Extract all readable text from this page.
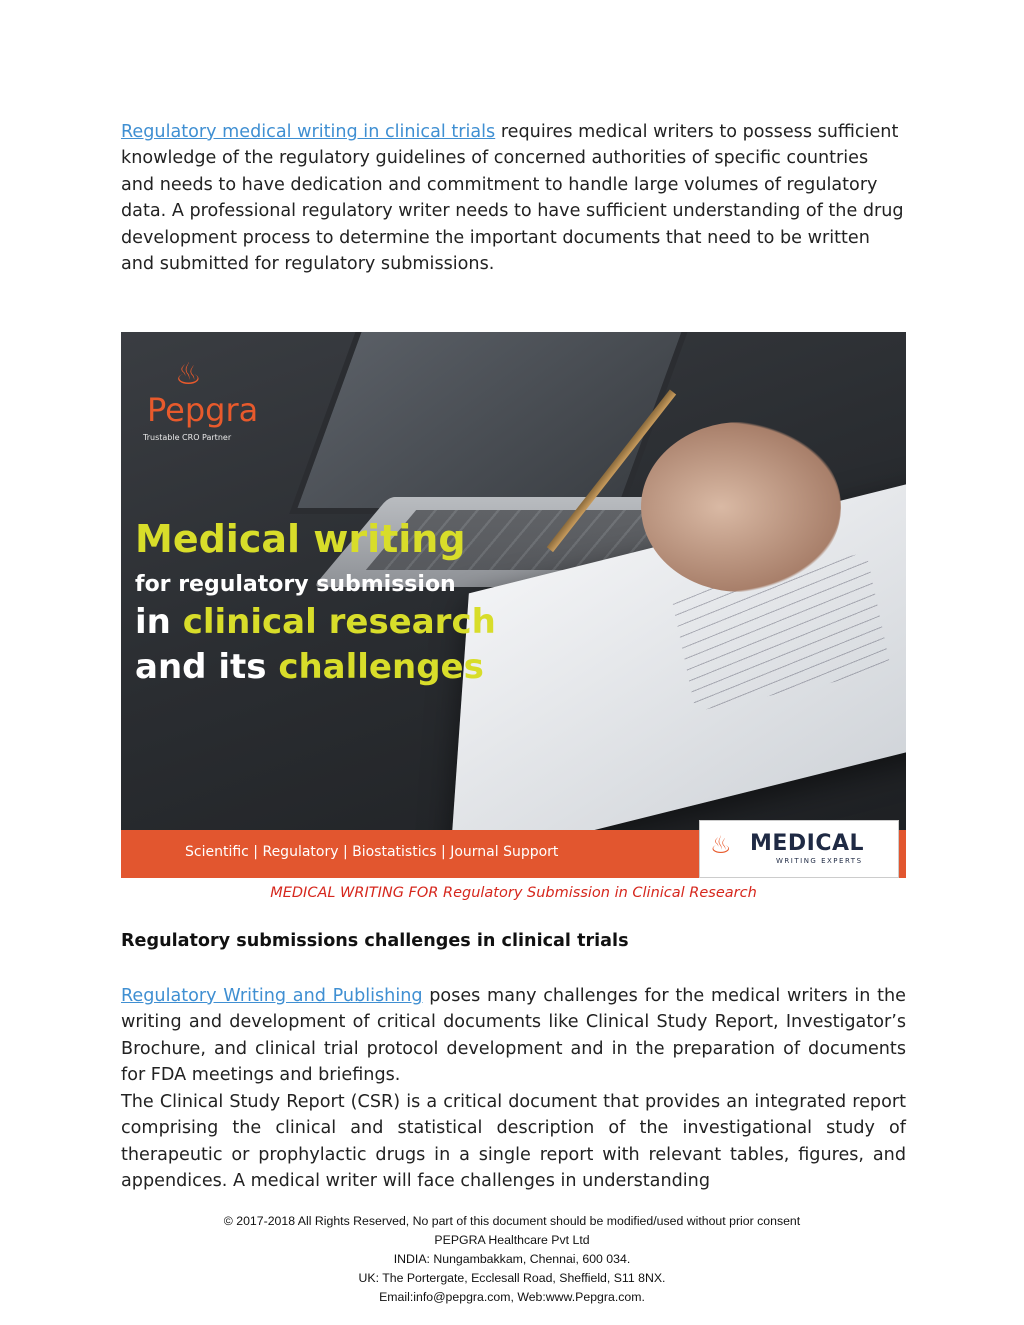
Regulatory medical writing in clinical trials requires medical writers to possess sufficient knowledge of the regulatory guidelines of concerned authorities of specific countries and needs to have dedication and commitment to handle large volumes of regulatory data. A professional regulatory writer needs to have sufficient understanding of the drug development process to determine the important documents that need to be written and submitted for regulatory submissions.

♨
Pepgra
Trustable CRO Partner
Medical writing
for regulatory submission
in clinical research
and its challenges
Scientific | Regulatory | Biostatistics | Journal Support	♨ MEDICAL
WRITING EXPERTS
MEDICAL WRITING FOR Regulatory Submission in Clinical Research
Regulatory submissions challenges in clinical trials

Regulatory Writing and Publishing poses many challenges for the medical writers in the writing and development of critical documents like Clinical Study Report, Investigator’s Brochure, and clinical trial protocol development and in the preparation of documents for FDA meetings and briefings.

The Clinical Study Report (CSR) is a critical document that provides an integrated report comprising the clinical and statistical description of the investigational study of therapeutic or prophylactic drugs in a single report with relevant tables, figures, and appendices. A medical writer will face challenges in understanding

© 2017-2018 All Rights Reserved, No part of this document should be modified/used without prior consent
PEPGRA Healthcare Pvt Ltd
INDIA: Nungambakkam, Chennai, 600 034.
UK: The Portergate, Ecclesall Road, Sheffield, S11 8NX.
Email:info@pepgra.com, Web:www.Pepgra.com.
